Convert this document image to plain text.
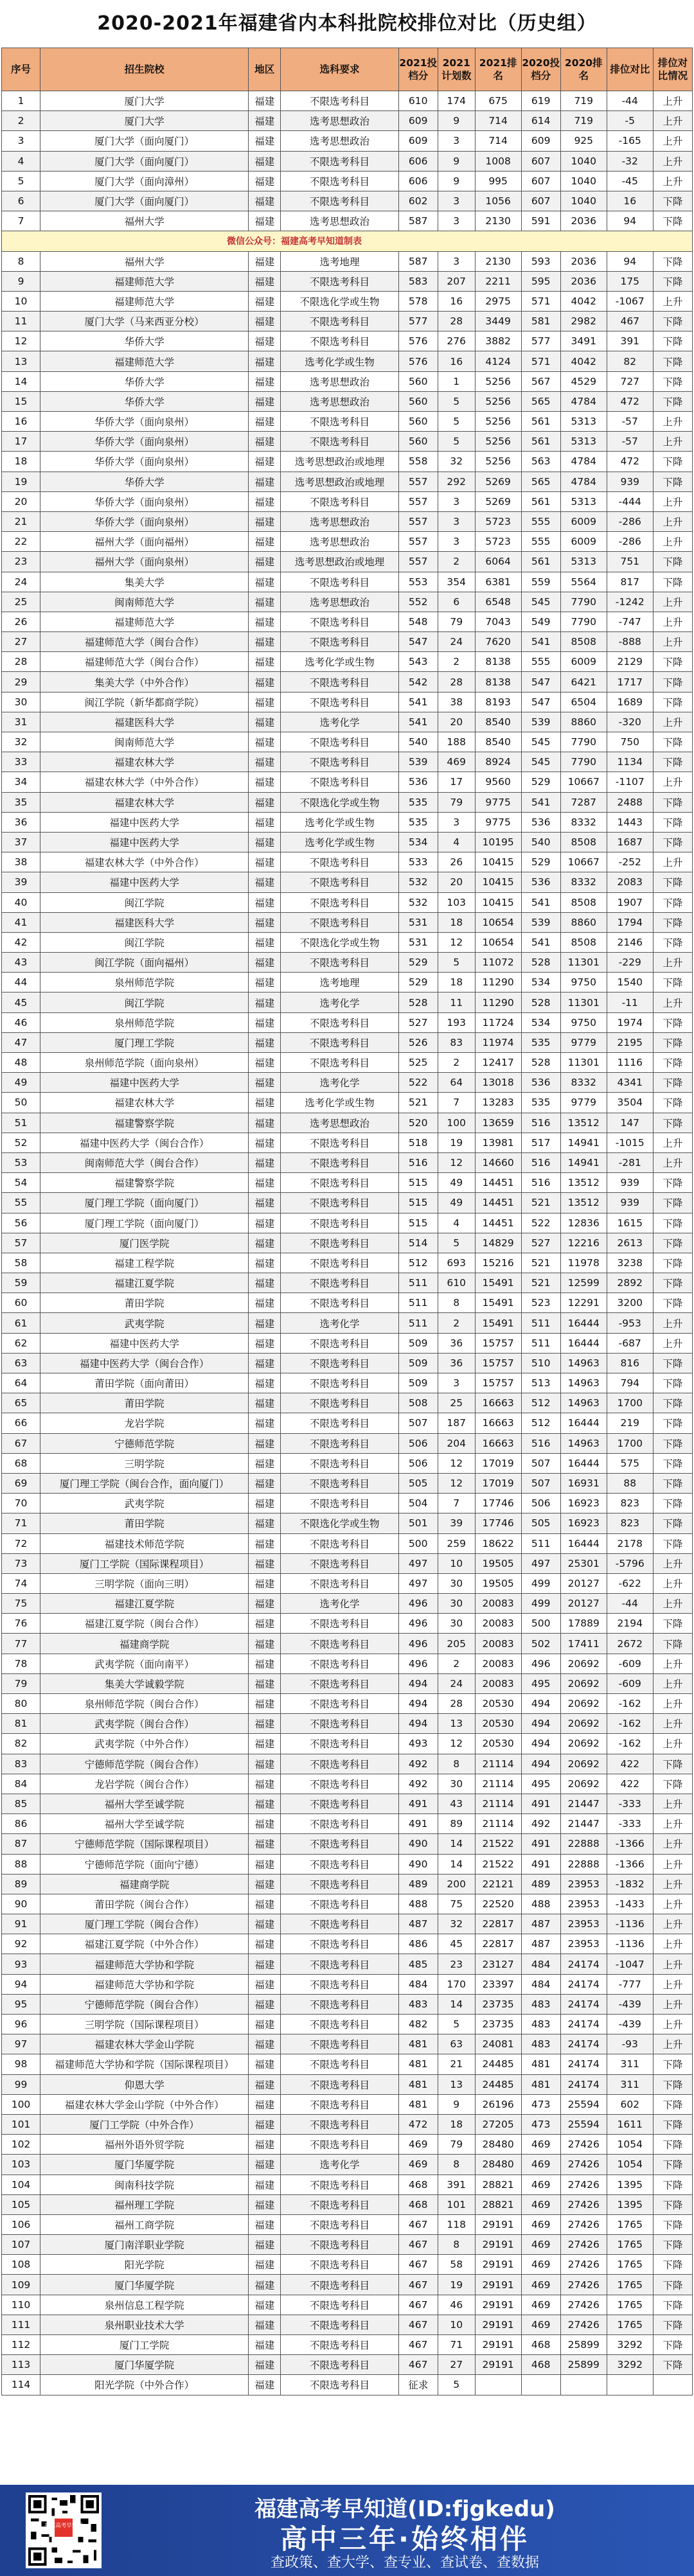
2020-2021年福建省内本科批院校排位对比（历史组）
序号	招生院校	地区	选科要求	2021投档分	2021计划数	2021排名	2020投档分	2020排名	排位对比	排位对比情况
1	厦门大学	福建	不限选考科目	610	174	675	619	719	-44	上升
2	厦门大学	福建	选考思想政治	609	9	714	614	719	-5	上升
3	厦门大学（面向厦门）	福建	选考思想政治	609	3	714	609	925	-165	上升
4	厦门大学（面向厦门）	福建	不限选考科目	606	9	1008	607	1040	-32	上升
5	厦门大学（面向漳州）	福建	不限选考科目	606	9	995	607	1040	-45	上升
6	厦门大学（面向厦门）	福建	不限选考科目	602	3	1056	607	1040	16	下降
7	福州大学	福建	选考思想政治	587	3	2130	591	2036	94	下降
微信公众号：福建高考早知道制表										
8	福州大学	福建	选考地理	587	3	2130	593	2036	94	下降
9	福建师范大学	福建	不限选考科目	583	207	2211	595	2036	175	下降
10	福建师范大学	福建	不限选化学或生物	578	16	2975	571	4042	-1067	上升
11	厦门大学（马来西亚分校）	福建	不限选考科目	577	28	3449	581	2982	467	下降
12	华侨大学	福建	不限选考科目	576	276	3882	577	3491	391	下降
13	福建师范大学	福建	选考化学或生物	576	16	4124	571	4042	82	下降
14	华侨大学	福建	选考思想政治	560	1	5256	567	4529	727	下降
15	华侨大学	福建	选考思想政治	560	5	5256	565	4784	472	下降
16	华侨大学（面向泉州）	福建	不限选考科目	560	5	5256	561	5313	-57	上升
17	华侨大学（面向泉州）	福建	不限选考科目	560	5	5256	561	5313	-57	上升
18	华侨大学（面向泉州）	福建	选考思想政治或地理	558	32	5256	563	4784	472	下降
19	华侨大学	福建	选考思想政治或地理	557	292	5269	565	4784	939	下降
20	华侨大学（面向泉州）	福建	不限选考科目	557	3	5269	561	5313	-444	上升
21	华侨大学（面向泉州）	福建	选考思想政治	557	3	5723	555	6009	-286	上升
22	福州大学（面向福州）	福建	选考思想政治	557	3	5723	555	6009	-286	上升
23	福州大学（面向泉州）	福建	选考思想政治或地理	557	2	6064	561	5313	751	下降
24	集美大学	福建	不限选考科目	553	354	6381	559	5564	817	下降
25	闽南师范大学	福建	选考思想政治	552	6	6548	545	7790	-1242	上升
26	福建师范大学	福建	不限选考科目	548	79	7043	549	7790	-747	上升
27	福建师范大学（闽台合作）	福建	不限选考科目	547	24	7620	541	8508	-888	上升
28	福建师范大学（闽台合作）	福建	选考化学或生物	543	2	8138	555	6009	2129	下降
29	集美大学（中外合作）	福建	不限选考科目	542	28	8138	547	6421	1717	下降
30	闽江学院（新华都商学院）	福建	不限选考科目	541	38	8193	547	6504	1689	下降
31	福建医科大学	福建	选考化学	541	20	8540	539	8860	-320	上升
32	闽南师范大学	福建	不限选考科目	540	188	8540	545	7790	750	下降
33	福建农林大学	福建	不限选考科目	539	469	8924	545	7790	1134	下降
34	福建农林大学（中外合作）	福建	不限选考科目	536	17	9560	529	10667	-1107	上升
35	福建农林大学	福建	不限选化学或生物	535	79	9775	541	7287	2488	下降
36	福建中医药大学	福建	选考化学或生物	535	3	9775	536	8332	1443	下降
37	福建中医药大学	福建	选考化学或生物	534	4	10195	540	8508	1687	下降
38	福建农林大学（中外合作）	福建	不限选考科目	533	26	10415	529	10667	-252	上升
39	福建中医药大学	福建	不限选考科目	532	20	10415	536	8332	2083	下降
40	闽江学院	福建	不限选考科目	532	103	10415	541	8508	1907	下降
41	福建医科大学	福建	不限选考科目	531	18	10654	539	8860	1794	下降
42	闽江学院	福建	不限选化学或生物	531	12	10654	541	8508	2146	下降
43	闽江学院（面向福州）	福建	不限选考科目	529	5	11072	528	11301	-229	上升
44	泉州师范学院	福建	选考地理	529	18	11290	534	9750	1540	下降
45	闽江学院	福建	选考化学	528	11	11290	528	11301	-11	上升
46	泉州师范学院	福建	不限选考科目	527	193	11724	534	9750	1974	下降
47	厦门理工学院	福建	不限选考科目	526	83	11974	535	9779	2195	下降
48	泉州师范学院（面向泉州）	福建	不限选考科目	525	2	12417	528	11301	1116	下降
49	福建中医药大学	福建	选考化学	522	64	13018	536	8332	4341	下降
50	福建农林大学	福建	选考化学或生物	521	7	13283	535	9779	3504	下降
51	福建警察学院	福建	选考思想政治	520	100	13659	516	13512	147	下降
52	福建中医药大学（闽台合作）	福建	不限选考科目	518	19	13981	517	14941	-1015	上升
53	闽南师范大学（闽台合作）	福建	不限选考科目	516	12	14660	516	14941	-281	上升
54	福建警察学院	福建	不限选考科目	515	49	14451	516	13512	939	下降
55	厦门理工学院（面向厦门）	福建	不限选考科目	515	49	14451	521	13512	939	下降
56	厦门理工学院（面向厦门）	福建	不限选考科目	515	4	14451	522	12836	1615	下降
57	厦门医学院	福建	不限选考科目	514	5	14829	527	12216	2613	下降
58	福建工程学院	福建	不限选考科目	512	693	15216	521	11978	3238	下降
59	福建江夏学院	福建	不限选考科目	511	610	15491	521	12599	2892	下降
60	莆田学院	福建	不限选考科目	511	8	15491	523	12291	3200	下降
61	武夷学院	福建	选考化学	511	2	15491	511	16444	-953	上升
62	福建中医药大学	福建	不限选考科目	509	36	15757	511	16444	-687	上升
63	福建中医药大学（闽台合作）	福建	不限选考科目	509	36	15757	510	14963	816	下降
64	莆田学院（面向莆田）	福建	不限选考科目	509	3	15757	513	14963	794	下降
65	莆田学院	福建	不限选考科目	508	25	16663	512	14963	1700	下降
66	龙岩学院	福建	不限选考科目	507	187	16663	512	16444	219	下降
67	宁德师范学院	福建	不限选考科目	506	204	16663	516	14963	1700	下降
68	三明学院	福建	不限选考科目	506	12	17019	507	16444	575	下降
69	厦门理工学院（闽台合作，面向厦门）	福建	不限选考科目	505	12	17019	507	16931	88	下降
70	武夷学院	福建	不限选考科目	504	7	17746	506	16923	823	下降
71	莆田学院	福建	不限选化学或生物	501	39	17746	505	16923	823	下降
72	福建技术师范学院	福建	不限选考科目	500	259	18622	511	16444	2178	下降
73	厦门工学院（国际课程项目）	福建	不限选考科目	497	10	19505	497	25301	-5796	上升
74	三明学院（面向三明）	福建	不限选考科目	497	30	19505	499	20127	-622	上升
75	福建江夏学院	福建	选考化学	496	30	20083	499	20127	-44	上升
76	福建江夏学院（闽台合作）	福建	不限选考科目	496	30	20083	500	17889	2194	下降
77	福建商学院	福建	不限选考科目	496	205	20083	502	17411	2672	下降
78	武夷学院（面向南平）	福建	不限选考科目	496	2	20083	496	20692	-609	上升
79	集美大学诚毅学院	福建	不限选考科目	494	24	20083	495	20692	-609	上升
80	泉州师范学院（闽台合作）	福建	不限选考科目	494	28	20530	494	20692	-162	上升
81	武夷学院（闽台合作）	福建	不限选考科目	494	13	20530	494	20692	-162	上升
82	武夷学院（中外合作）	福建	不限选考科目	493	12	20530	494	20692	-162	上升
83	宁德师范学院（闽台合作）	福建	不限选考科目	492	8	21114	494	20692	422	下降
84	龙岩学院（闽台合作）	福建	不限选考科目	492	30	21114	495	20692	422	下降
85	福州大学至诚学院	福建	不限选考科目	491	43	21114	491	21447	-333	上升
86	福州大学至诚学院	福建	不限选考科目	491	89	21114	492	21447	-333	上升
87	宁德师范学院（国际课程项目）	福建	不限选考科目	490	14	21522	491	22888	-1366	上升
88	宁德师范学院（面向宁德）	福建	不限选考科目	490	14	21522	491	22888	-1366	上升
89	福建商学院	福建	不限选考科目	489	200	22121	489	23953	-1832	上升
90	莆田学院（闽台合作）	福建	不限选考科目	488	75	22520	488	23953	-1433	上升
91	厦门理工学院（闽台合作）	福建	不限选考科目	487	32	22817	487	23953	-1136	上升
92	福建江夏学院（中外合作）	福建	不限选考科目	486	45	22817	487	23953	-1136	上升
93	福建师范大学协和学院	福建	不限选考科目	485	23	23127	484	24174	-1047	上升
94	福建师范大学协和学院	福建	不限选考科目	484	170	23397	484	24174	-777	上升
95	宁德师范学院（闽台合作）	福建	不限选考科目	483	14	23735	483	24174	-439	上升
96	三明学院（国际课程项目）	福建	不限选考科目	482	5	23735	483	24174	-439	上升
97	福建农林大学金山学院	福建	不限选考科目	481	63	24081	483	24174	-93	上升
98	福建师范大学协和学院（国际课程项目）	福建	不限选考科目	481	21	24485	481	24174	311	下降
99	仰恩大学	福建	不限选考科目	481	13	24485	481	24174	311	下降
100	福建农林大学金山学院（中外合作）	福建	不限选考科目	481	9	26196	473	25594	602	下降
101	厦门工学院（中外合作）	福建	不限选考科目	472	18	27205	473	25594	1611	下降
102	福州外语外贸学院	福建	不限选考科目	469	79	28480	469	27426	1054	下降
103	厦门华厦学院	福建	选考化学	469	8	28480	469	27426	1054	下降
104	闽南科技学院	福建	不限选考科目	468	391	28821	469	27426	1395	下降
105	福州理工学院	福建	不限选考科目	468	101	28821	469	27426	1395	下降
106	福州工商学院	福建	不限选考科目	467	118	29191	469	27426	1765	下降
107	厦门南洋职业学院	福建	不限选考科目	467	8	29191	469	27426	1765	下降
108	阳光学院	福建	不限选考科目	467	58	29191	469	27426	1765	下降
109	厦门华厦学院	福建	不限选考科目	467	19	29191	469	27426	1765	下降
110	泉州信息工程学院	福建	不限选考科目	467	46	29191	469	27426	1765	下降
111	泉州职业技术大学	福建	不限选考科目	467	10	29191	469	27426	1765	下降
112	厦门工学院	福建	不限选考科目	467	71	29191	468	25899	3292	下降
113	厦门华厦学院	福建	不限选考科目	467	27	29191	468	25899	3292	下降
114	阳光学院（中外合作）	福建	不限选考科目	征求	5					
福建高考早知道
福建高考早知道(ID:fjgkedu)
高中三年·始终相伴
查政策、查大学、查专业、查试卷、查数据
